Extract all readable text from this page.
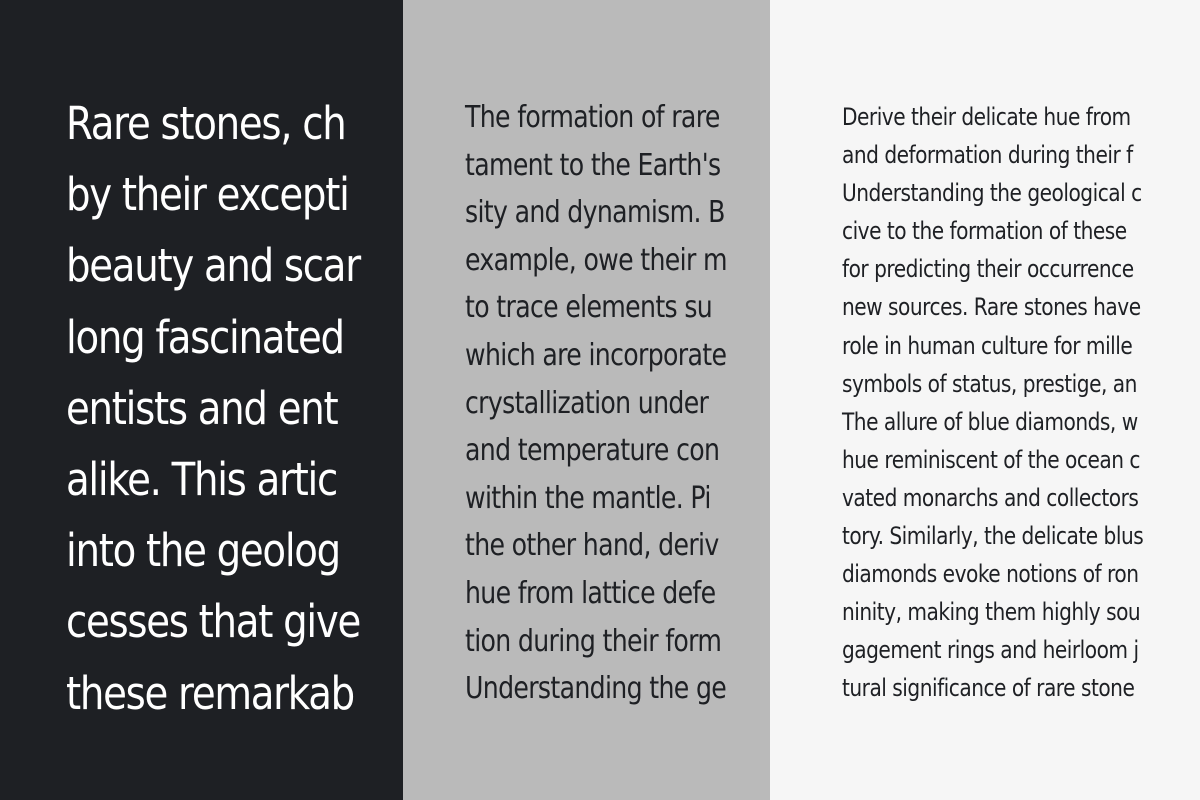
Rare stones, ch
by their excepti
beauty and scar
long fascinated
entists and ent
alike. This artic
into the geolog
cesses that give
these remarkab
The formation of rare
tament to the Earth's
sity and dynamism. B
example, owe their m
to trace elements su
which are incorporate
crystallization under
and temperature con
within the mantle. Pi
the other hand, deriv
hue from lattice defe
tion during their form
Understanding the ge
Derive their delicate hue from
and deformation during their f
Understanding the geological c
cive to the formation of these
for predicting their occurrence
new sources. Rare stones have
role in human culture for mille
symbols of status, prestige, an
The allure of blue diamonds, w
hue reminiscent of the ocean c
vated monarchs and collectors
tory. Similarly, the delicate blus
diamonds evoke notions of ron
ninity, making them highly sou
gagement rings and heirloom j
tural significance of rare stone
